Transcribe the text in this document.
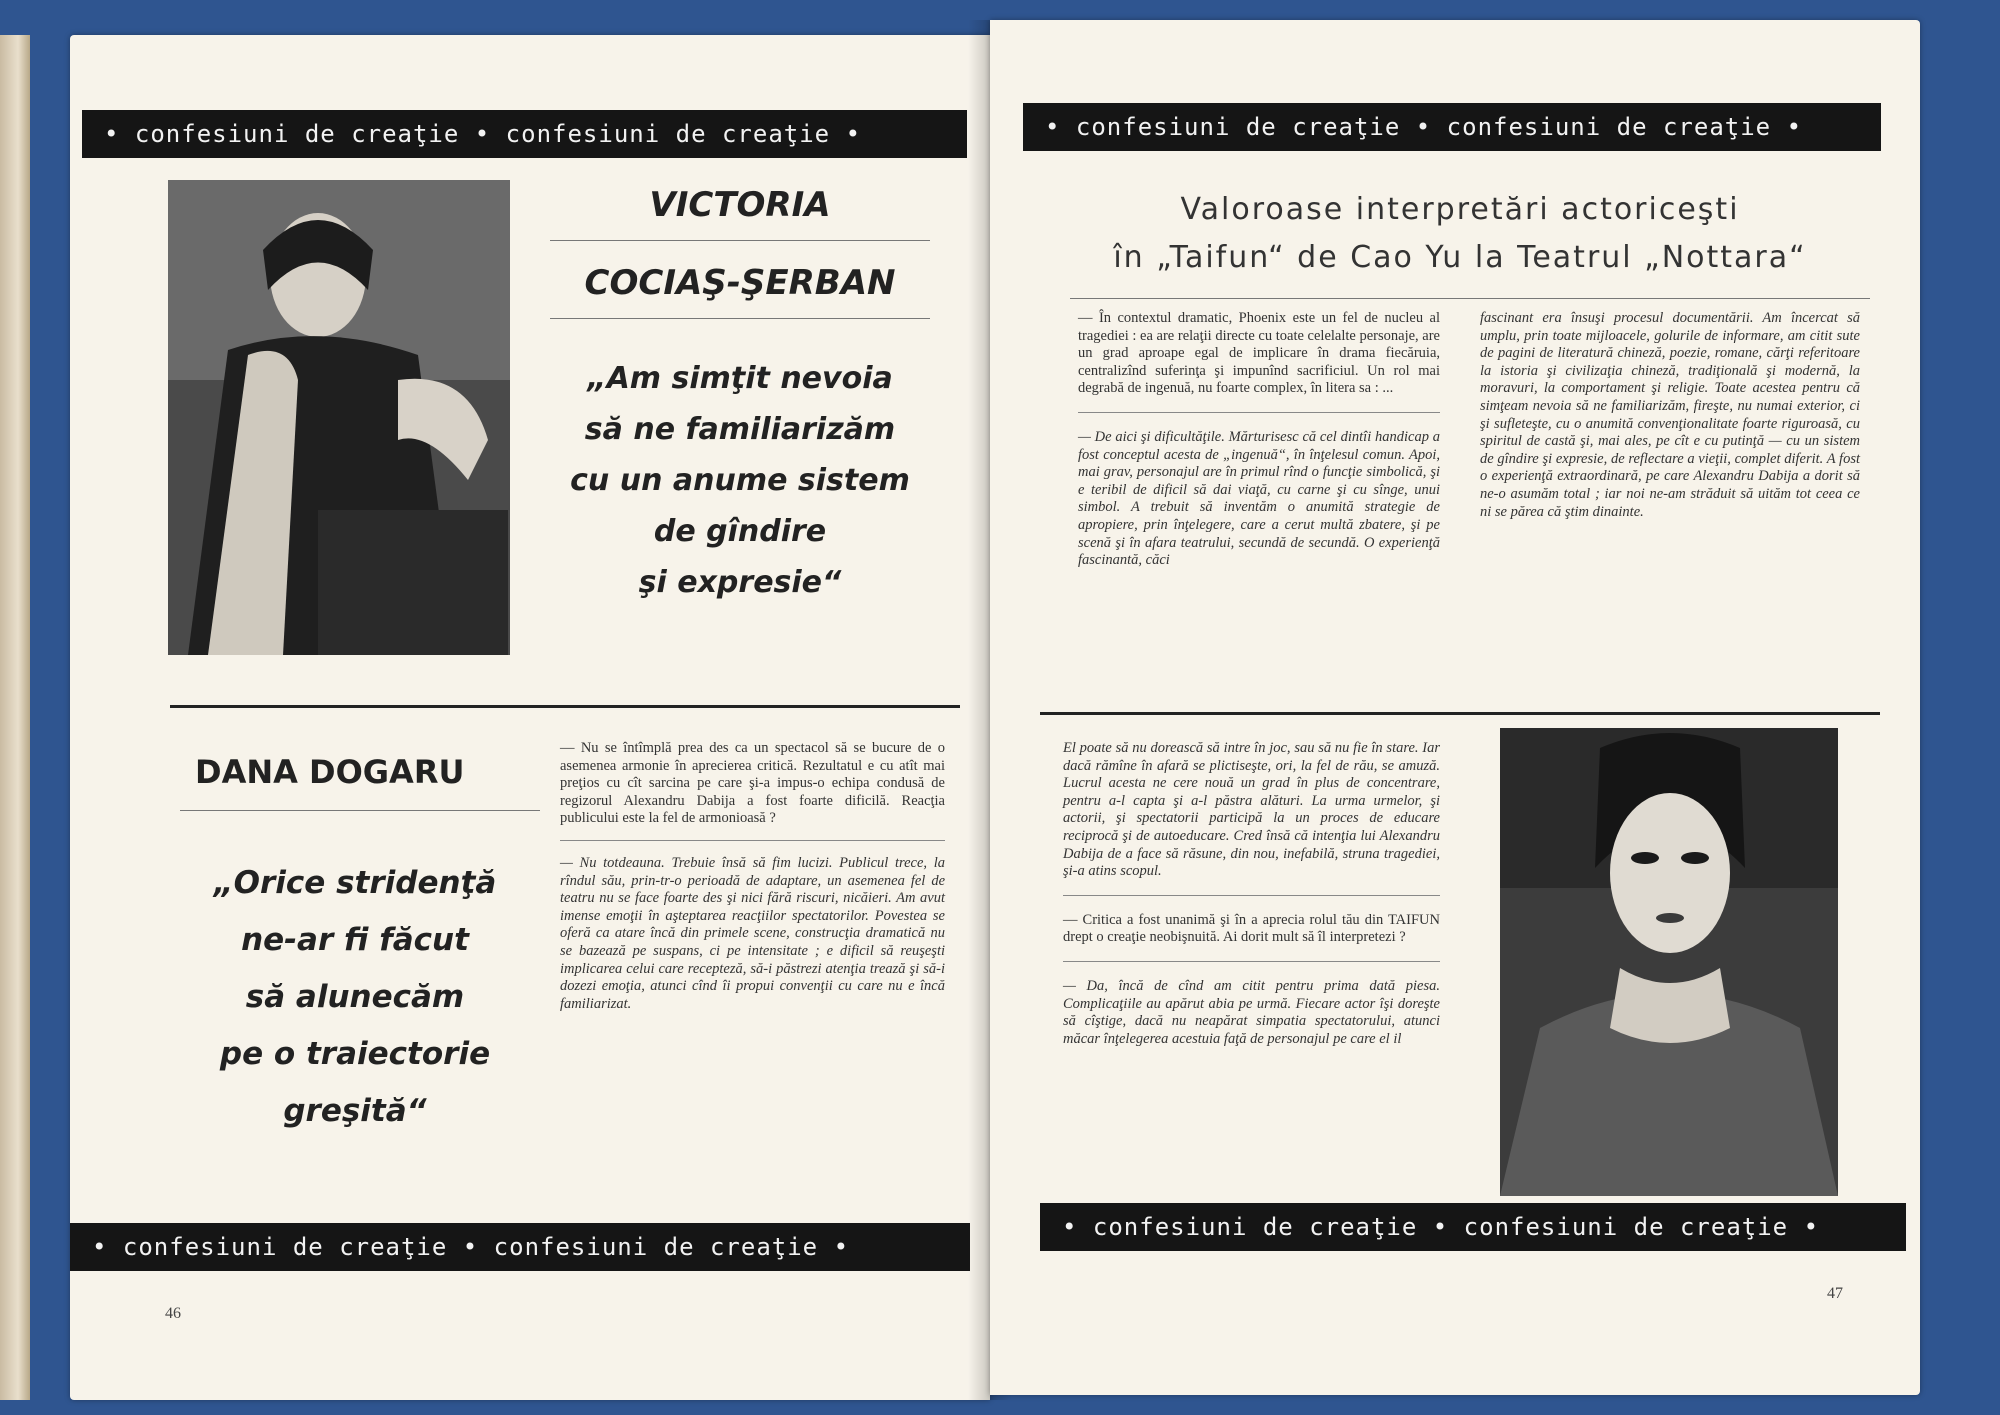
• confesiuni de creaţie • confesiuni de creaţie •
VICTORIA
COCIAŞ-ŞERBAN
„Am simţit nevoia
să ne familiarizăm
cu un anume sistem
de gîndire
şi expresie“
DANA DOGARU
„Orice stridenţă
ne-ar fi făcut
să alunecăm
pe o traiectorie
greşită“

— Nu se întîmplă prea des ca un spectacol să se bucure de o asemenea armonie în aprecierea critică. Rezultatul e cu atît mai preţios cu cît sarcina pe care şi-a impus-o echipa condusă de regizorul Alexandru Dabija a fost foarte dificilă. Reacţia publicului este la fel de armonioasă ?

— Nu totdeauna. Trebuie însă să fim lucizi. Publicul trece, la rîndul său, prin-tr-o perioadă de adaptare, un asemenea fel de teatru nu se face foarte des şi nici fără riscuri, nicăieri. Am avut imense emoţii în aşteptarea reacţiilor spectatorilor. Povestea se oferă ca atare încă din primele scene, construcţia dramatică nu se bazează pe suspans, ci pe intensitate ; e dificil să reuşeşti implicarea celui care recepteză, să-i păstrezi atenţia trează şi să-i dozezi emoţia, atunci cînd îi propui convenţii cu care nu e încă familiarizat.

• confesiuni de creaţie • confesiuni de creaţie •
46
• confesiuni de creaţie • confesiuni de creaţie •
Valoroase interpretări actoriceşti
în „Taifun“ de Cao Yu la Teatrul „Nottara“

— În contextul dramatic, Phoenix este un fel de nucleu al tragediei : ea are relaţii directe cu toate celelalte personaje, are un grad aproape egal de implicare în drama fiecăruia, centralizînd suferinţa şi impunînd sacrificiul. Un rol mai degrabă de ingenuă, nu foarte complex, în litera sa : ...

— De aici şi dificultăţile. Mărturisesc că cel dintîi handicap a fost conceptul acesta de „ingenuă“, în înţelesul comun. Apoi, mai grav, personajul are în primul rînd o funcţie simbolică, şi e teribil de dificil să dai viaţă, cu carne şi cu sînge, unui simbol. A trebuit să inventăm o anumită strategie de apropiere, prin înţelegere, care a cerut multă zbatere, şi pe scenă şi în afara teatrului, secundă de secundă. O experienţă fascinantă, căci

fascinant era însuşi procesul documentării. Am încercat să umplu, prin toate mijloacele, golurile de informare, am citit sute de pagini de literatură chineză, poezie, romane, cărţi referitoare la istoria şi civilizaţia chineză, tradiţională şi modernă, la moravuri, la comportament şi religie. Toate acestea pentru că simţeam nevoia să ne familiarizăm, fireşte, nu numai exterior, ci şi sufleteşte, cu o anumită convenţionalitate foarte riguroasă, cu spiritul de castă şi, mai ales, pe cît e cu putinţă — cu un sistem de gîndire şi expresie, de reflectare a vieţii, complet diferit. A fost o experienţă extraordinară, pe care Alexandru Dabija a dorit să ne-o asumăm total ; iar noi ne-am străduit să uităm tot ceea ce ni se părea că ştim dinainte.

El poate să nu dorească să intre în joc, sau să nu fie în stare. Iar dacă rămîne în afară se plictiseşte, ori, la fel de rău, se amuză. Lucrul acesta ne cere nouă un grad în plus de concentrare, pentru a-l capta şi a-l păstra alături. La urma urmelor, şi actorii, şi spectatorii participă la un proces de educare reciprocă şi de autoeducare. Cred însă că intenţia lui Alexandru Dabija de a face să răsune, din nou, inefabilă, struna tragediei, şi-a atins scopul.

— Critica a fost unanimă şi în a aprecia rolul tău din TAIFUN drept o creaţie neobişnuită. Ai dorit mult să îl interpretezi ?

— Da, încă de cînd am citit pentru prima dată piesa. Complicaţiile au apărut abia pe urmă. Fiecare actor îşi doreşte să cîştige, dacă nu neapărat simpatia spectatorului, atunci măcar înţelegerea acestuia faţă de personajul pe care el il

• confesiuni de creaţie • confesiuni de creaţie •
47
